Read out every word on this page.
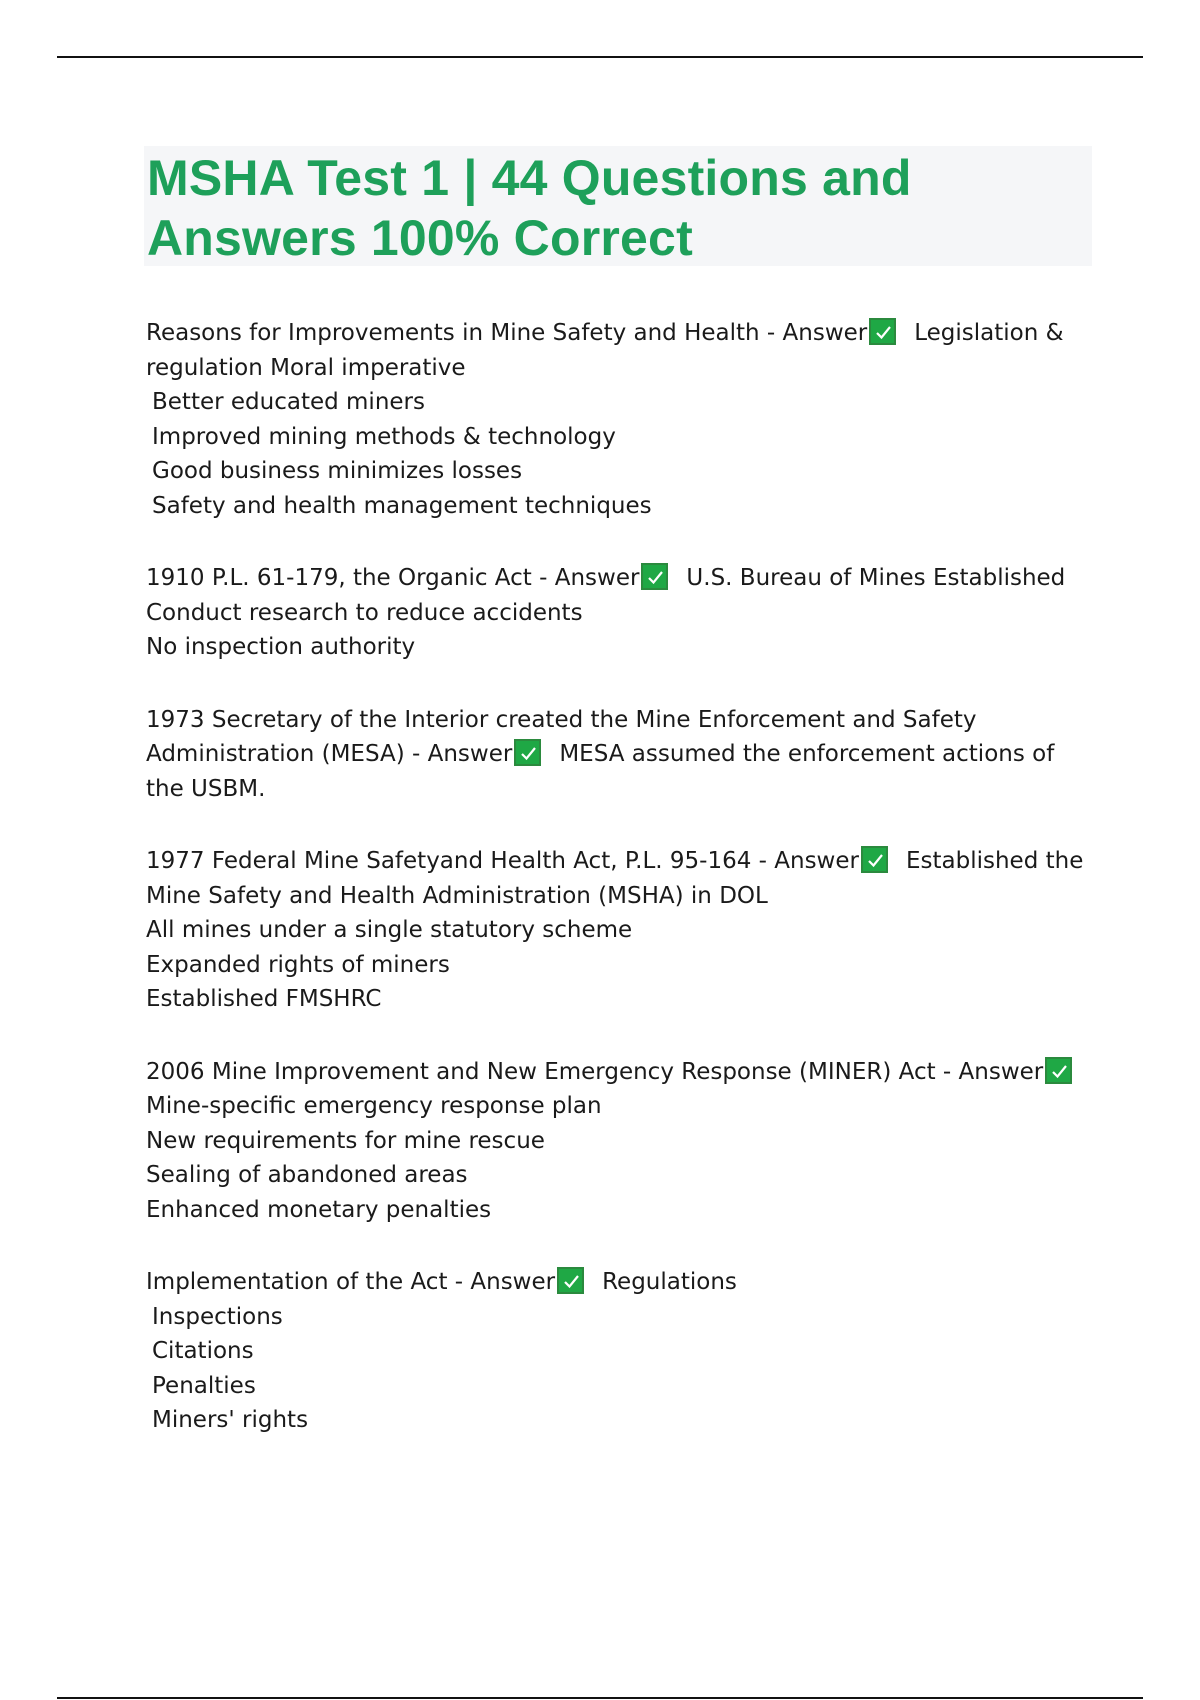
MSHA Test 1 | 44 Questions and Answers 100% Correct
Reasons for Improvements in Mine Safety and Health - Answer Legislation & regulation Moral imperative
Better educated miners
Improved mining methods & technology
Good business minimizes losses
Safety and health management techniques
1910 P.L. 61-179, the Organic Act - Answer U.S. Bureau of Mines Established
Conduct research to reduce accidents
No inspection authority
1973 Secretary of the Interior created the Mine Enforcement and Safety Administration (MESA) - Answer MESA assumed the enforcement actions of the USBM.
1977 Federal Mine Safetyand Health Act, P.L. 95-164 - Answer Established the Mine Safety and Health Administration (MSHA) in DOL
All mines under a single statutory scheme
Expanded rights of miners
Established FMSHRC
2006 Mine Improvement and New Emergency Response (MINER) Act - Answer
Mine-specific emergency response plan
New requirements for mine rescue
Sealing of abandoned areas
Enhanced monetary penalties
Implementation of the Act - Answer Regulations
Inspections
Citations
Penalties
Miners' rights
